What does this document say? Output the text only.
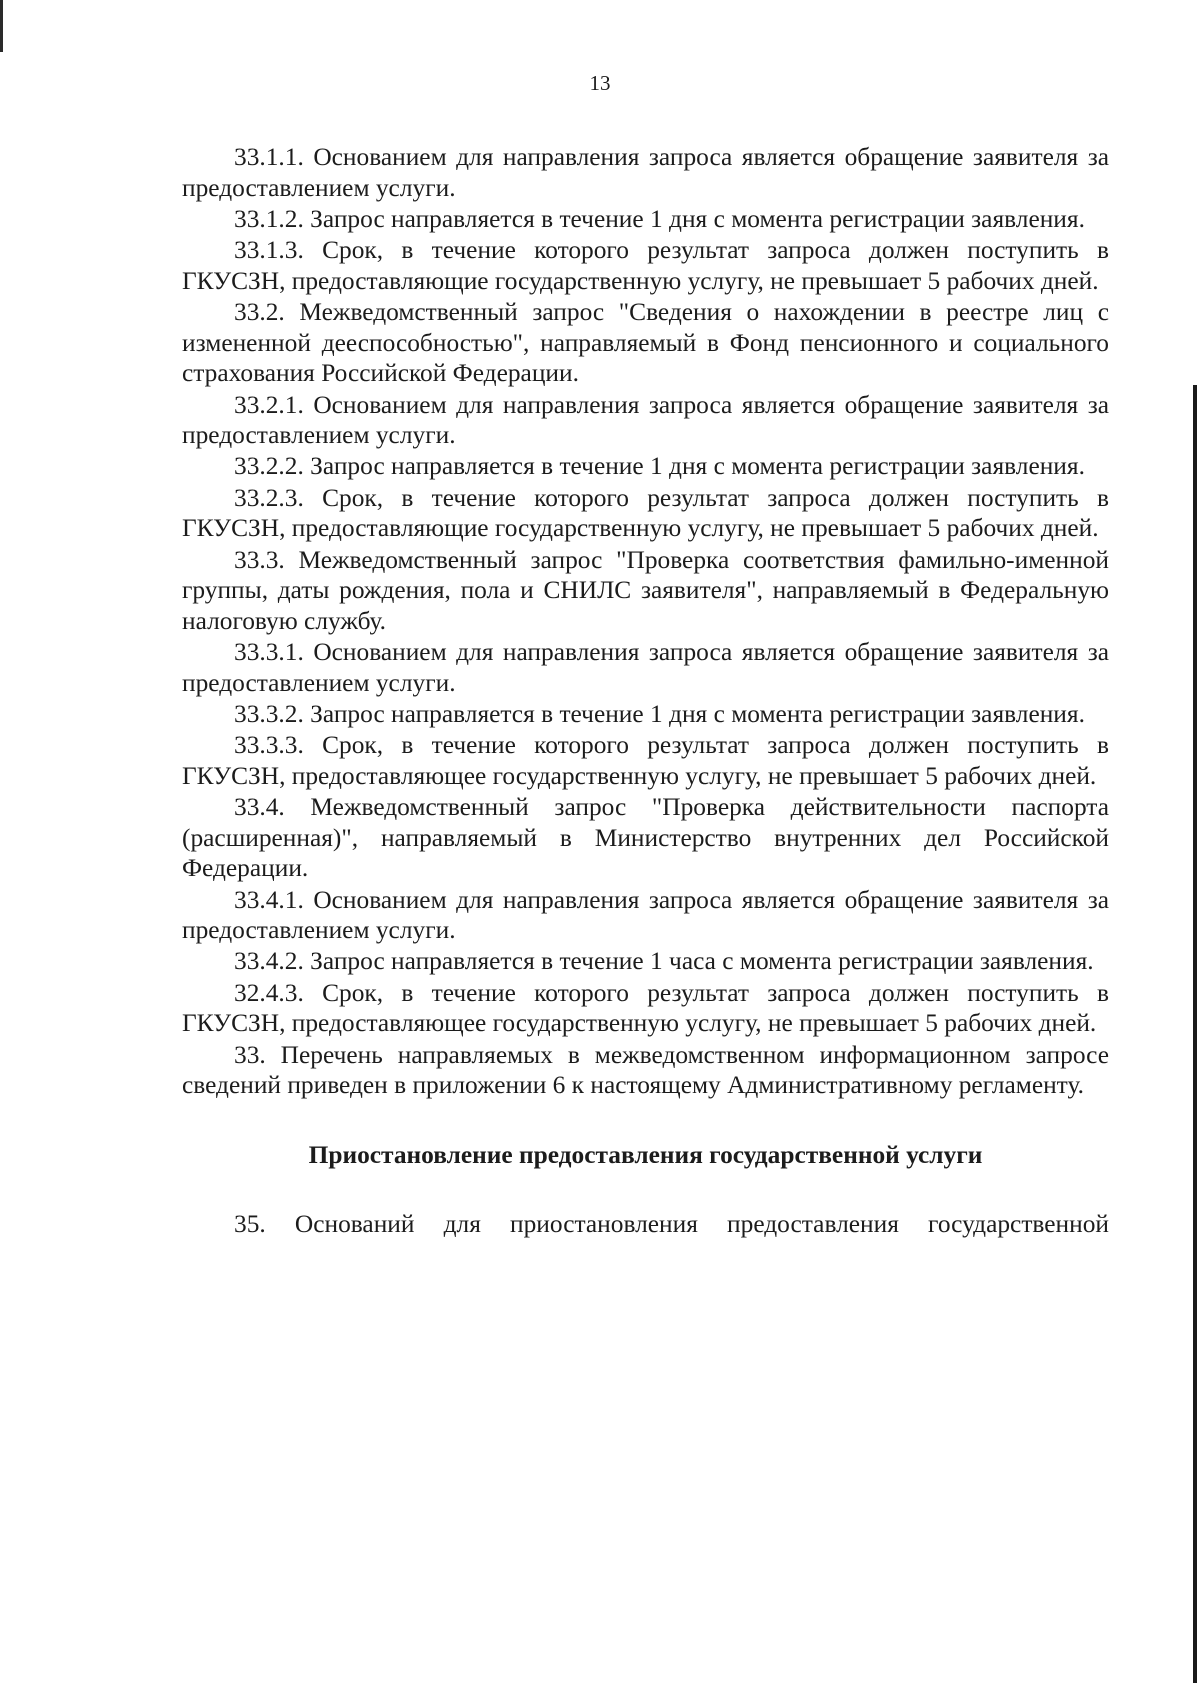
13

33.1.1. Основанием для направления запроса является обращение заявителя за предоставлением услуги.

33.1.2. Запрос направляется в течение 1 дня с момента регистрации заявления.

33.1.3. Срок, в течение которого результат запроса должен поступить в ГКУСЗН, предоставляющие государственную услугу, не превышает 5 рабочих дней.

33.2. Межведомственный запрос "Сведения о нахождении в реестре лиц с измененной дееспособностью", направляемый в Фонд пенсионного и социального страхования Российской Федерации.

33.2.1. Основанием для направления запроса является обращение заявителя за предоставлением услуги.

33.2.2. Запрос направляется в течение 1 дня с момента регистрации заявления.

33.2.3. Срок, в течение которого результат запроса должен поступить в ГКУСЗН, предоставляющие государственную услугу, не превышает 5 рабочих дней.

33.3. Межведомственный запрос "Проверка соответствия фамильно-именной группы, даты рождения, пола и СНИЛС заявителя", направляемый в Федеральную налоговую службу.

33.3.1. Основанием для направления запроса является обращение заявителя за предоставлением услуги.

33.3.2. Запрос направляется в течение 1 дня с момента регистрации заявления.

33.3.3. Срок, в течение которого результат запроса должен поступить в ГКУСЗН, предоставляющее государственную услугу, не превышает 5 рабочих дней.

33.4. Межведомственный запрос "Проверка действительности паспорта (расширенная)", направляемый в Министерство внутренних дел Российской Федерации.

33.4.1. Основанием для направления запроса является обращение заявителя за предоставлением услуги.

33.4.2. Запрос направляется в течение 1 часа с момента регистрации заявления.

32.4.3. Срок, в течение которого результат запроса должен поступить в ГКУСЗН, предоставляющее государственную услугу, не превышает 5 рабочих дней.

33. Перечень направляемых в межведомственном информационном запросе сведений приведен в приложении 6 к настоящему Административному регламенту.

Приостановление предоставления государственной услуги

35. Оснований для приостановления предоставления государственной
